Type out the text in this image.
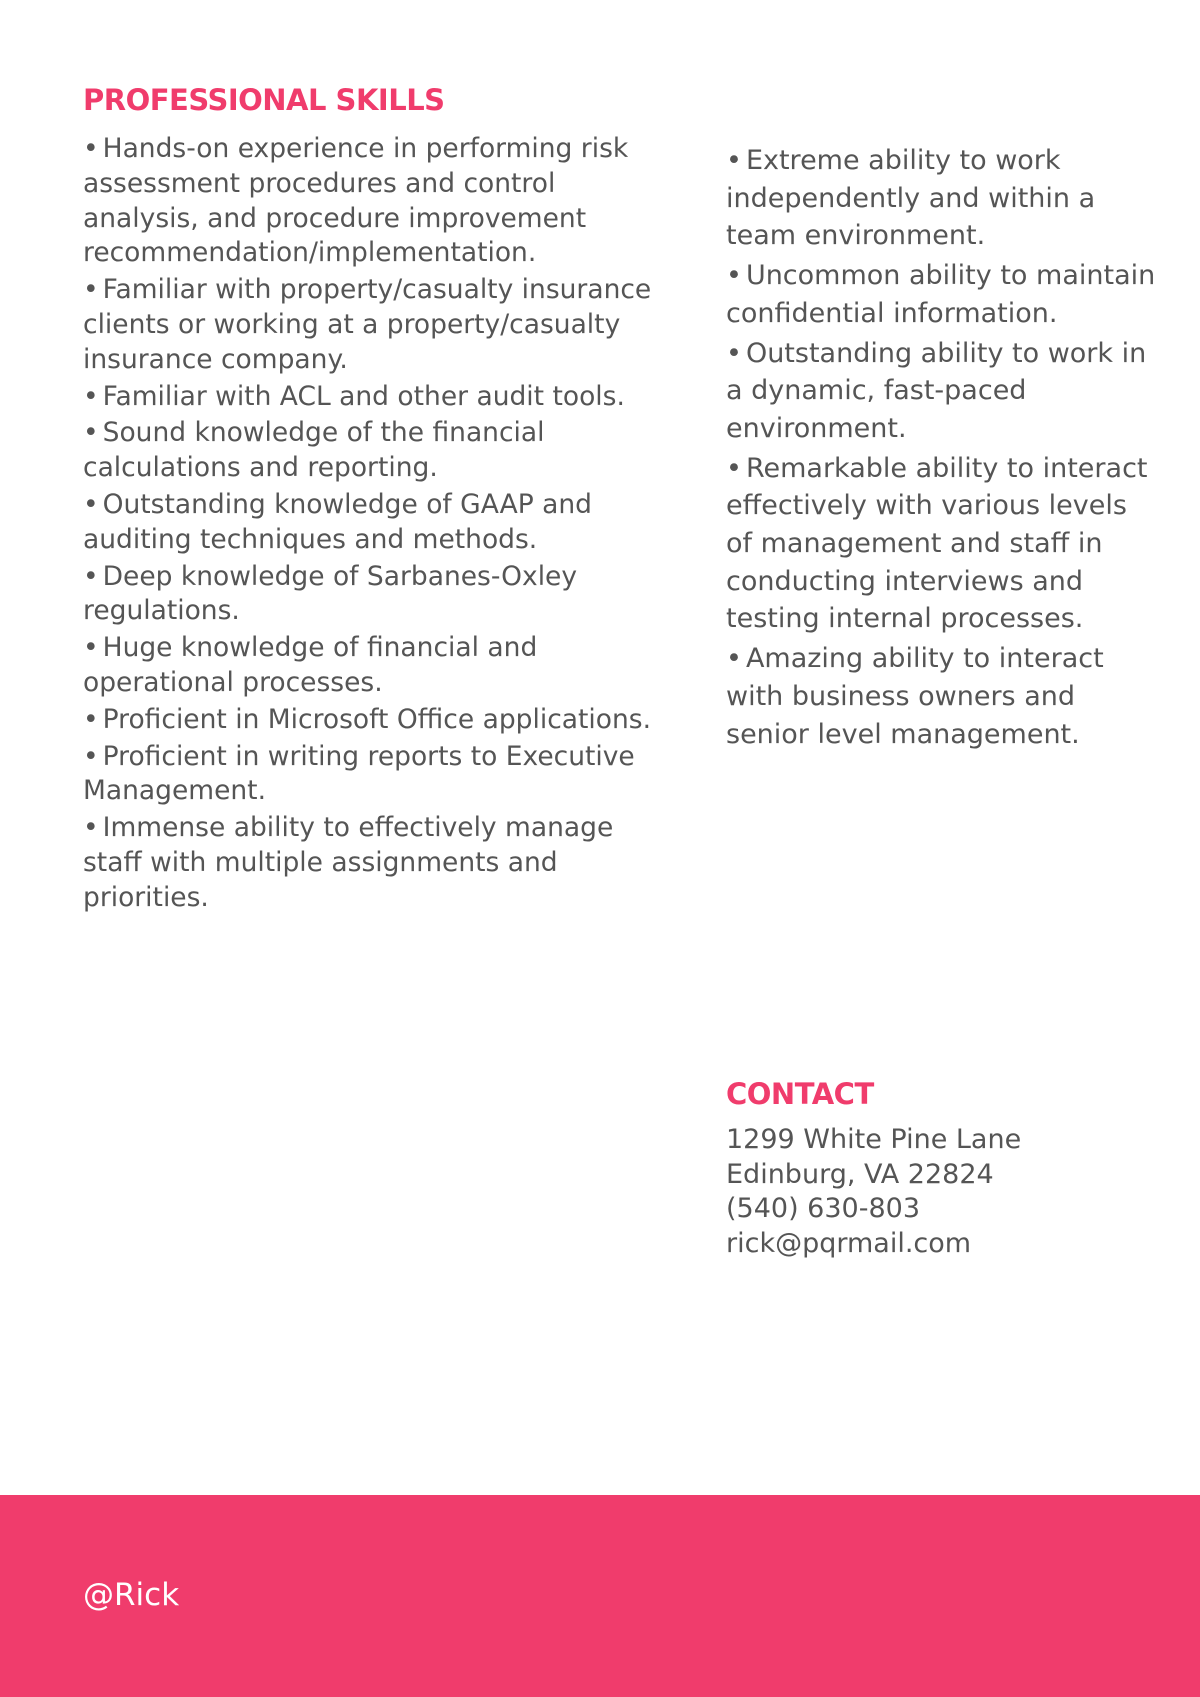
PROFESSIONAL SKILLS
• Hands-on experience in performing risk assessment procedures and control analysis, and procedure improvement recommendation/implementation.
• Familiar with property/casualty insurance clients or working at a property/casualty insurance company.
• Familiar with ACL and other audit tools.
• Sound knowledge of the financial calculations and reporting.
• Outstanding knowledge of GAAP and auditing techniques and methods.
• Deep knowledge of Sarbanes-Oxley regulations.
• Huge knowledge of financial and operational processes.
• Proficient in Microsoft Office applications.
• Proficient in writing reports to Executive Management.
• Immense ability to effectively manage staff with multiple assignments and priorities.
• Extreme ability to work independently and within a team environment.
• Uncommon ability to maintain confidential information.
• Outstanding ability to work in a dynamic, fast-paced environment.
• Remarkable ability to interact effectively with various levels of management and staff in conducting interviews and testing internal processes.
• Amazing ability to interact with business owners and senior level management.
CONTACT
1299 White Pine Lane
Edinburg, VA 22824
(540) 630-803
rick@pqrmail.com
@Rick
